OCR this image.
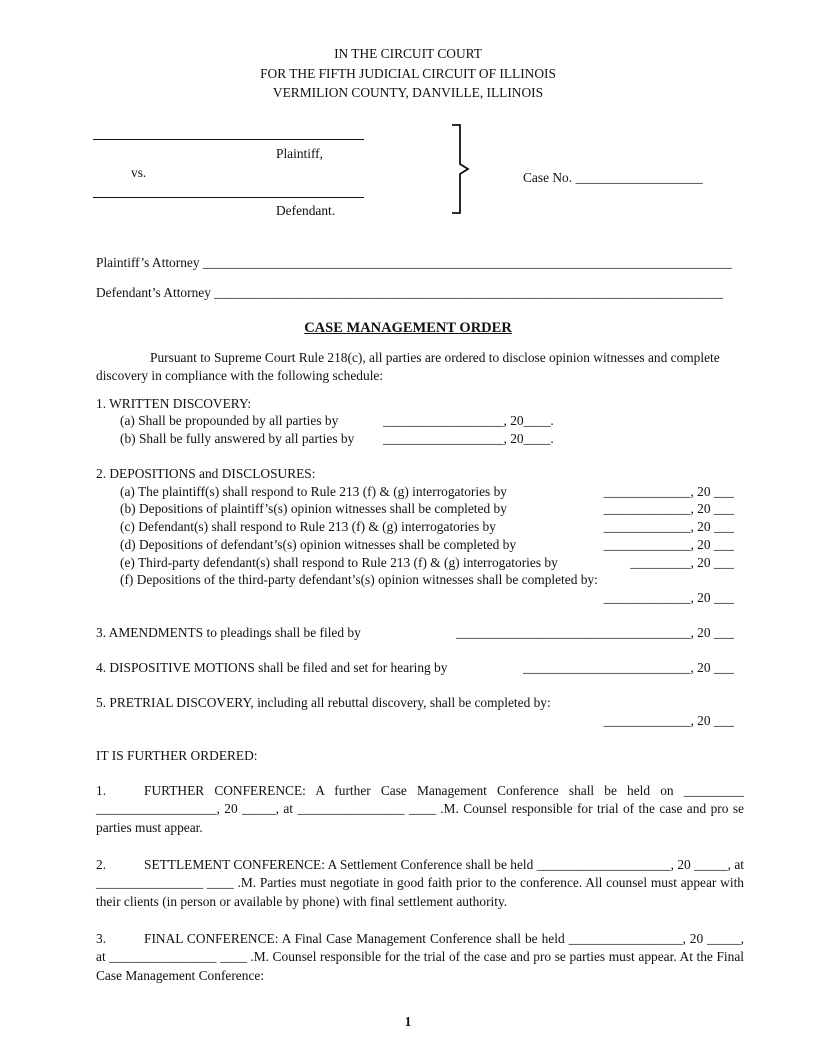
IN THE CIRCUIT COURT
FOR THE FIFTH JUDICIAL CIRCUIT OF ILLINOIS
VERMILION COUNTY, DANVILLE, ILLINOIS
Plaintiff,
vs.
Defendant.
Case No. ___________________
Plaintiff’s Attorney _______________________________________________________________________________
Defendant’s Attorney ____________________________________________________________________________
CASE MANAGEMENT ORDER
Pursuant to Supreme Court Rule 218(c), all parties are ordered to disclose opinion witnesses and complete discovery in compliance with the following schedule:
1. WRITTEN DISCOVERY:
(a) Shall be propounded by all parties by	__________________, 20____.
(b) Shall be fully answered by all parties by __________________, 20____.
2. DEPOSITIONS and DISCLOSURES:
(a) The plaintiff(s) shall respond to Rule 213 (f) & (g) interrogatories by	_____________, 20 ___
(b) Depositions of plaintiff’s(s) opinion witnesses shall be completed by	_____________, 20 ___
(c) Defendant(s) shall respond to Rule 213 (f) & (g) interrogatories by	_____________, 20 ___
(d) Depositions of defendant’s(s) opinion witnesses shall be completed by	_____________, 20 ___
(e) Third-party defendant(s) shall respond to Rule 213 (f) & (g) interrogatories by	_________, 20 ___
(f) Depositions of the third-party defendant’s(s) opinion witnesses shall be completed by:
_____________, 20 ___
3. AMENDMENTS to pleadings shall be filed by	___________________________________, 20 ___
4. DISPOSITIVE MOTIONS shall be filed and set for hearing by	_________________________, 20 ___
5. PRETRIAL DISCOVERY, including all rebuttal discovery, shall be completed by:
_____________, 20 ___
IT IS FURTHER ORDERED:
1.	FURTHER CONFERENCE: A further Case Management Conference shall be held on _________ __________________, 20 _____, at ________________ ____ .M. Counsel responsible for trial of the case and pro se parties must appear.
2.	SETTLEMENT CONFERENCE: A Settlement Conference shall be held ____________________, 20 _____, at ________________ ____ .M. Parties must negotiate in good faith prior to the conference. All counsel must appear with their clients (in person or available by phone) with final settlement authority.
3.	FINAL CONFERENCE: A Final Case Management Conference shall be held _________________, 20 _____, at ________________ ____ .M. Counsel responsible for the trial of the case and pro se parties must appear. At the Final Case Management Conference:
1
